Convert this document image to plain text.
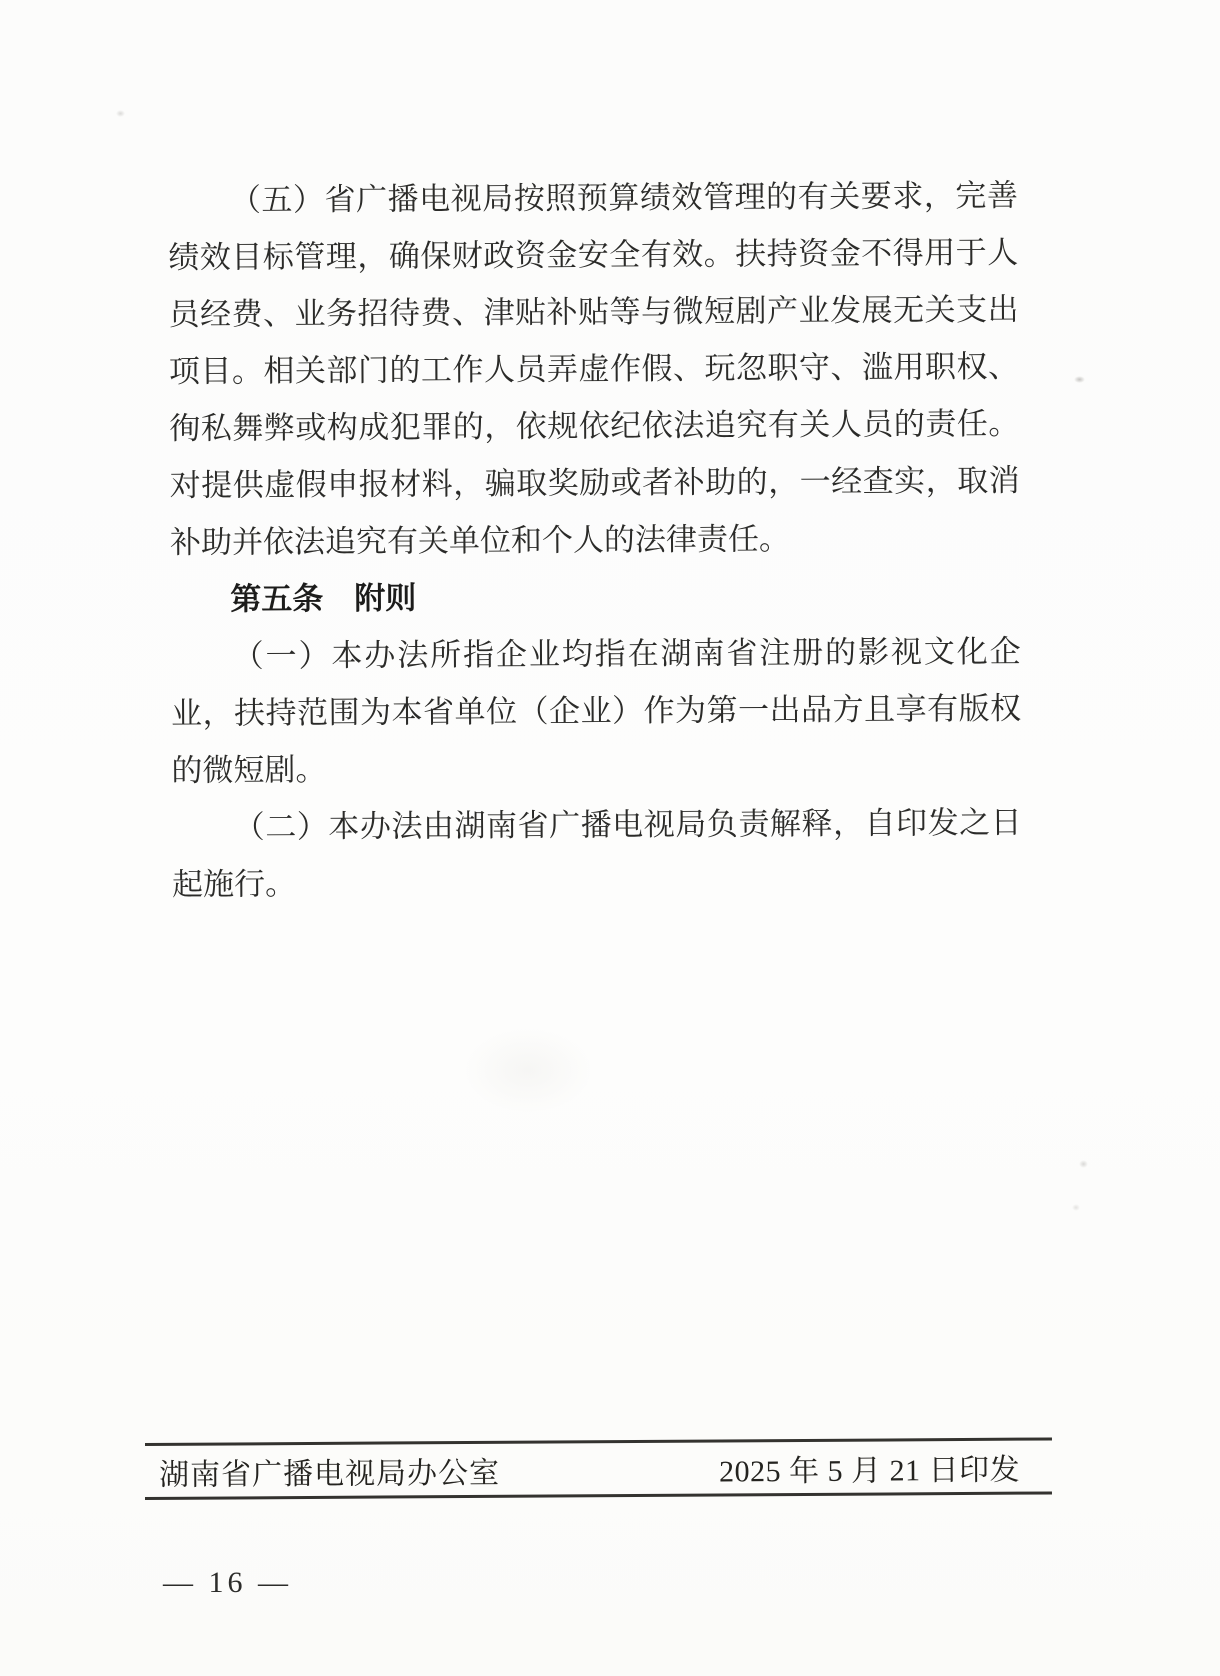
（五）省广播电视局按照预算绩效管理的有关要求，完善
绩效目标管理，确保财政资金安全有效。扶持资金不得用于人
员经费、业务招待费、津贴补贴等与微短剧产业发展无关支出
项目。相关部门的工作人员弄虚作假、玩忽职守、滥用职权、
徇私舞弊或构成犯罪的，依规依纪依法追究有关人员的责任。
对提供虚假申报材料，骗取奖励或者补助的，一经查实，取消
补助并依法追究有关单位和个人的法律责任。
第五条　附则
（一）本办法所指企业均指在湖南省注册的影视文化企
业，扶持范围为本省单位（企业）作为第一出品方且享有版权
的微短剧。
（二）本办法由湖南省广播电视局负责解释，自印发之日
起施行。
湖南省广播电视局办公室	2025 年 5 月 21 日印发
— 16 —
